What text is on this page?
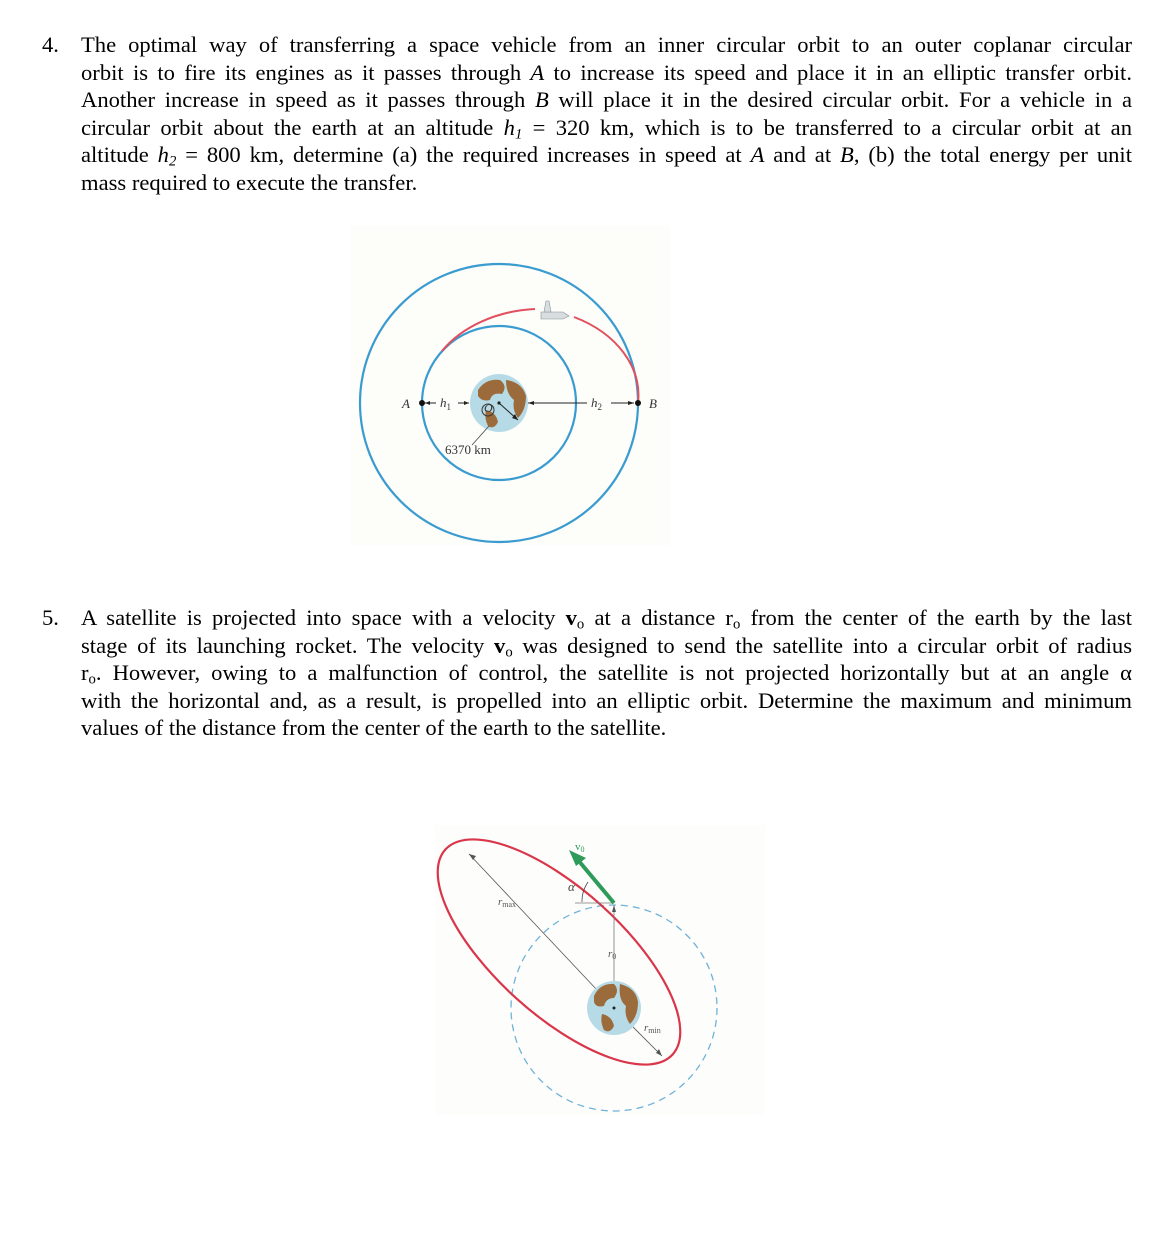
4. The optimal way of transferring a space vehicle from an inner circular orbit to an outer coplanar circular
orbit is to fire its engines as it passes through A to increase its speed and place it in an elliptic transfer orbit.
Another increase in speed as it passes through B will place it in the desired circular orbit. For a vehicle in a
circular orbit about the earth at an altitude $h_1 = 320$ km, which is to be transferred to a circular orbit at an
altitude $h_2 = 800$ km, determine (a) the required increases in speed at A and at B, (b) the total energy per unit
mass required to execute the transfer.
6370 km
A $h_1$	O	$h_2$	B
5. A satellite is projected into space with a velocity $v_o$ at a distance $r_o$ from the center of the earth by the last
stage of its launching rocket. The velocity $v_o$ was designed to send the satellite into a circular orbit of radius
$r_o$. However, owing to a malfunction of control, the satellite is not projected horizontally but at an angle α
with the horizontal and, as a result, is propelled into an elliptic orbit. Determine the maximum and minimum
values of the distance from the center of the earth to the satellite.
v0
α
rmax
r0
rmin
